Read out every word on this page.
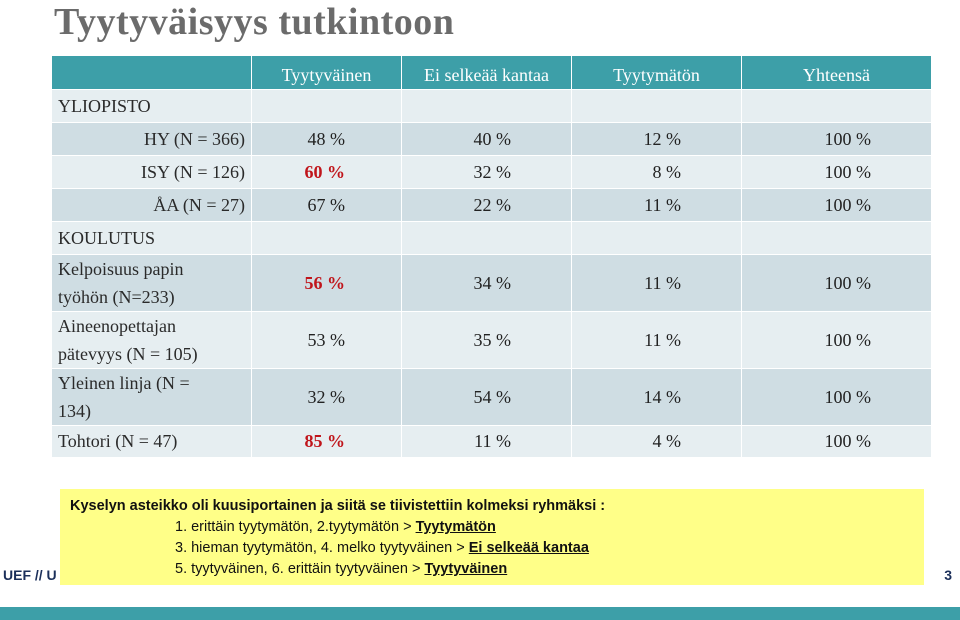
Tyytyväisyys tutkintoon
	Tyytyväinen	Ei selkeää kantaa	Tyytymätön	Yhteensä
YLIOPISTO				
HY (N = 366)	48 %	40 %	12 %	100 %
ISY (N = 126)	60 %	32 %	8 %	100 %
ÅA (N = 27)	67 %	22 %	11 %	100 %
KOULUTUS				

Kelpoisuus papin
työhön (N=233)	56 %	34 %	11 %	100 %

Aineenopettajan
pätevyys (N = 105)	53 %	35 %	11 %	100 %

Yleinen linja (N =
134)	32 %	54 %	14 %	100 %
Tohtori (N = 47)	85 %	11 %	4 %	100 %
UEF // U	3
Kyselyn asteikko oli kuusiportainen ja siitä se tiivistettiin kolmeksi ryhmäksi :
1. erittäin tyytymätön, 2.tyytymätön > Tyytymätön
3. hieman tyytymätön, 4. melko tyytyväinen > Ei selkeää kantaa
5. tyytyväinen, 6. erittäin tyytyväinen > Tyytyväinen
